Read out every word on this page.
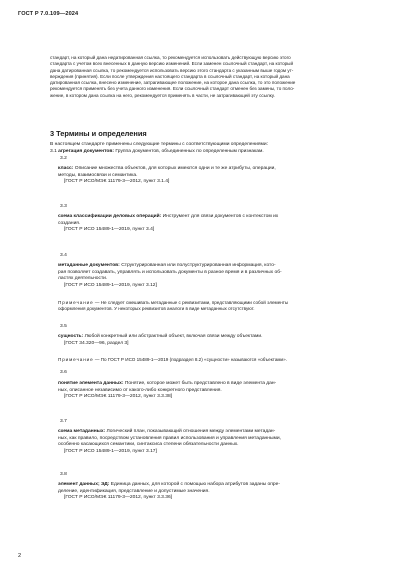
ГОСТ Р 7.0.109—2024

стандарт, на который дана недатированная ссылка, то рекомендуется использовать действующую версию этого

стандарта с учетом всех внесенных в данную версию изменений. Если заменен ссылочный стандарт, на который

дана датированная ссылка, то рекомендуется использовать версию этого стандарта с указанным выше годом ут-

верждения (принятия). Если после утверждения настоящего стандарта в ссылочный стандарт, на который дана

датированная ссылка, внесено изменение, затрагивающее положение, на которое дана ссылка, то это положение

рекомендуется применять без учета данного изменения. Если ссылочный стандарт отменен без замены, то поло-

жение, в котором дана ссылка на него, рекомендуется применять в части, не затрагивающей эту ссылку.

3 Термины и определения

В настоящем стандарте применены следующие термины с соответствующими определениями:

3.1 агрегация документов: Группа документов, объединенных по определенным признакам.

3.2

класс: Описание множества объектов, для которых имеются одни и те же атрибуты, операции,

методы, взаимосвязи и семантика.

[ГОСТ Р ИСО/МЭК 11179-3—2012, пункт 3.1.4]

3.3

схема классификации деловых операций: Инструмент для связи документов с контекстом их

создания.

[ГОСТ Р ИСО 15489-1—2019, пункт 3.4]

3.4

метаданные документов: Структурированная или полуструктурированная информация, кото-

рая позволяет создавать, управлять и использовать документы в разное время и в различных об-

ластях деятельности.

[ГОСТ Р ИСО 15489-1—2019, пункт 3.12]

Примечание — Не следует смешивать метаданные с реквизитами, представляющими собой элементы

оформления документов. У некоторых реквизитов аналоги в виде метаданных отсутствуют.

3.5

сущность: Любой конкретный или абстрактный объект, включая связи между объектами.

[ГОСТ 34.320—96, раздел 3]

Примечание — По ГОСТ Р ИСО 15489-1—2019 (подраздел 8.2) «сущности» называются «объектами».

3.6

понятие элемента данных: Понятие, которое может быть представлено в виде элемента дан-

ных, описанное независимо от какого-либо конкретного представления.

[ГОСТ Р ИСО/МЭК 11179-3—2012, пункт 3.3.38]

3.7

схема метаданных: Логический план, показывающий отношения между элементами метадан-

ных, как правило, посредством установления правил использования и управления метаданными,

особенно касающихся семантики, синтаксиса степени обязательности данных.

[ГОСТ Р ИСО 15489-1—2019, пункт 3.17]

3.8

элемент данных; ЭД: Единица данных, для которой с помощью набора атрибутов заданы опре-

деление, идентификация, представление и допустимые значения.

[ГОСТ Р ИСО/МЭК 11179-3—2012, пункт 3.3.36]

2
